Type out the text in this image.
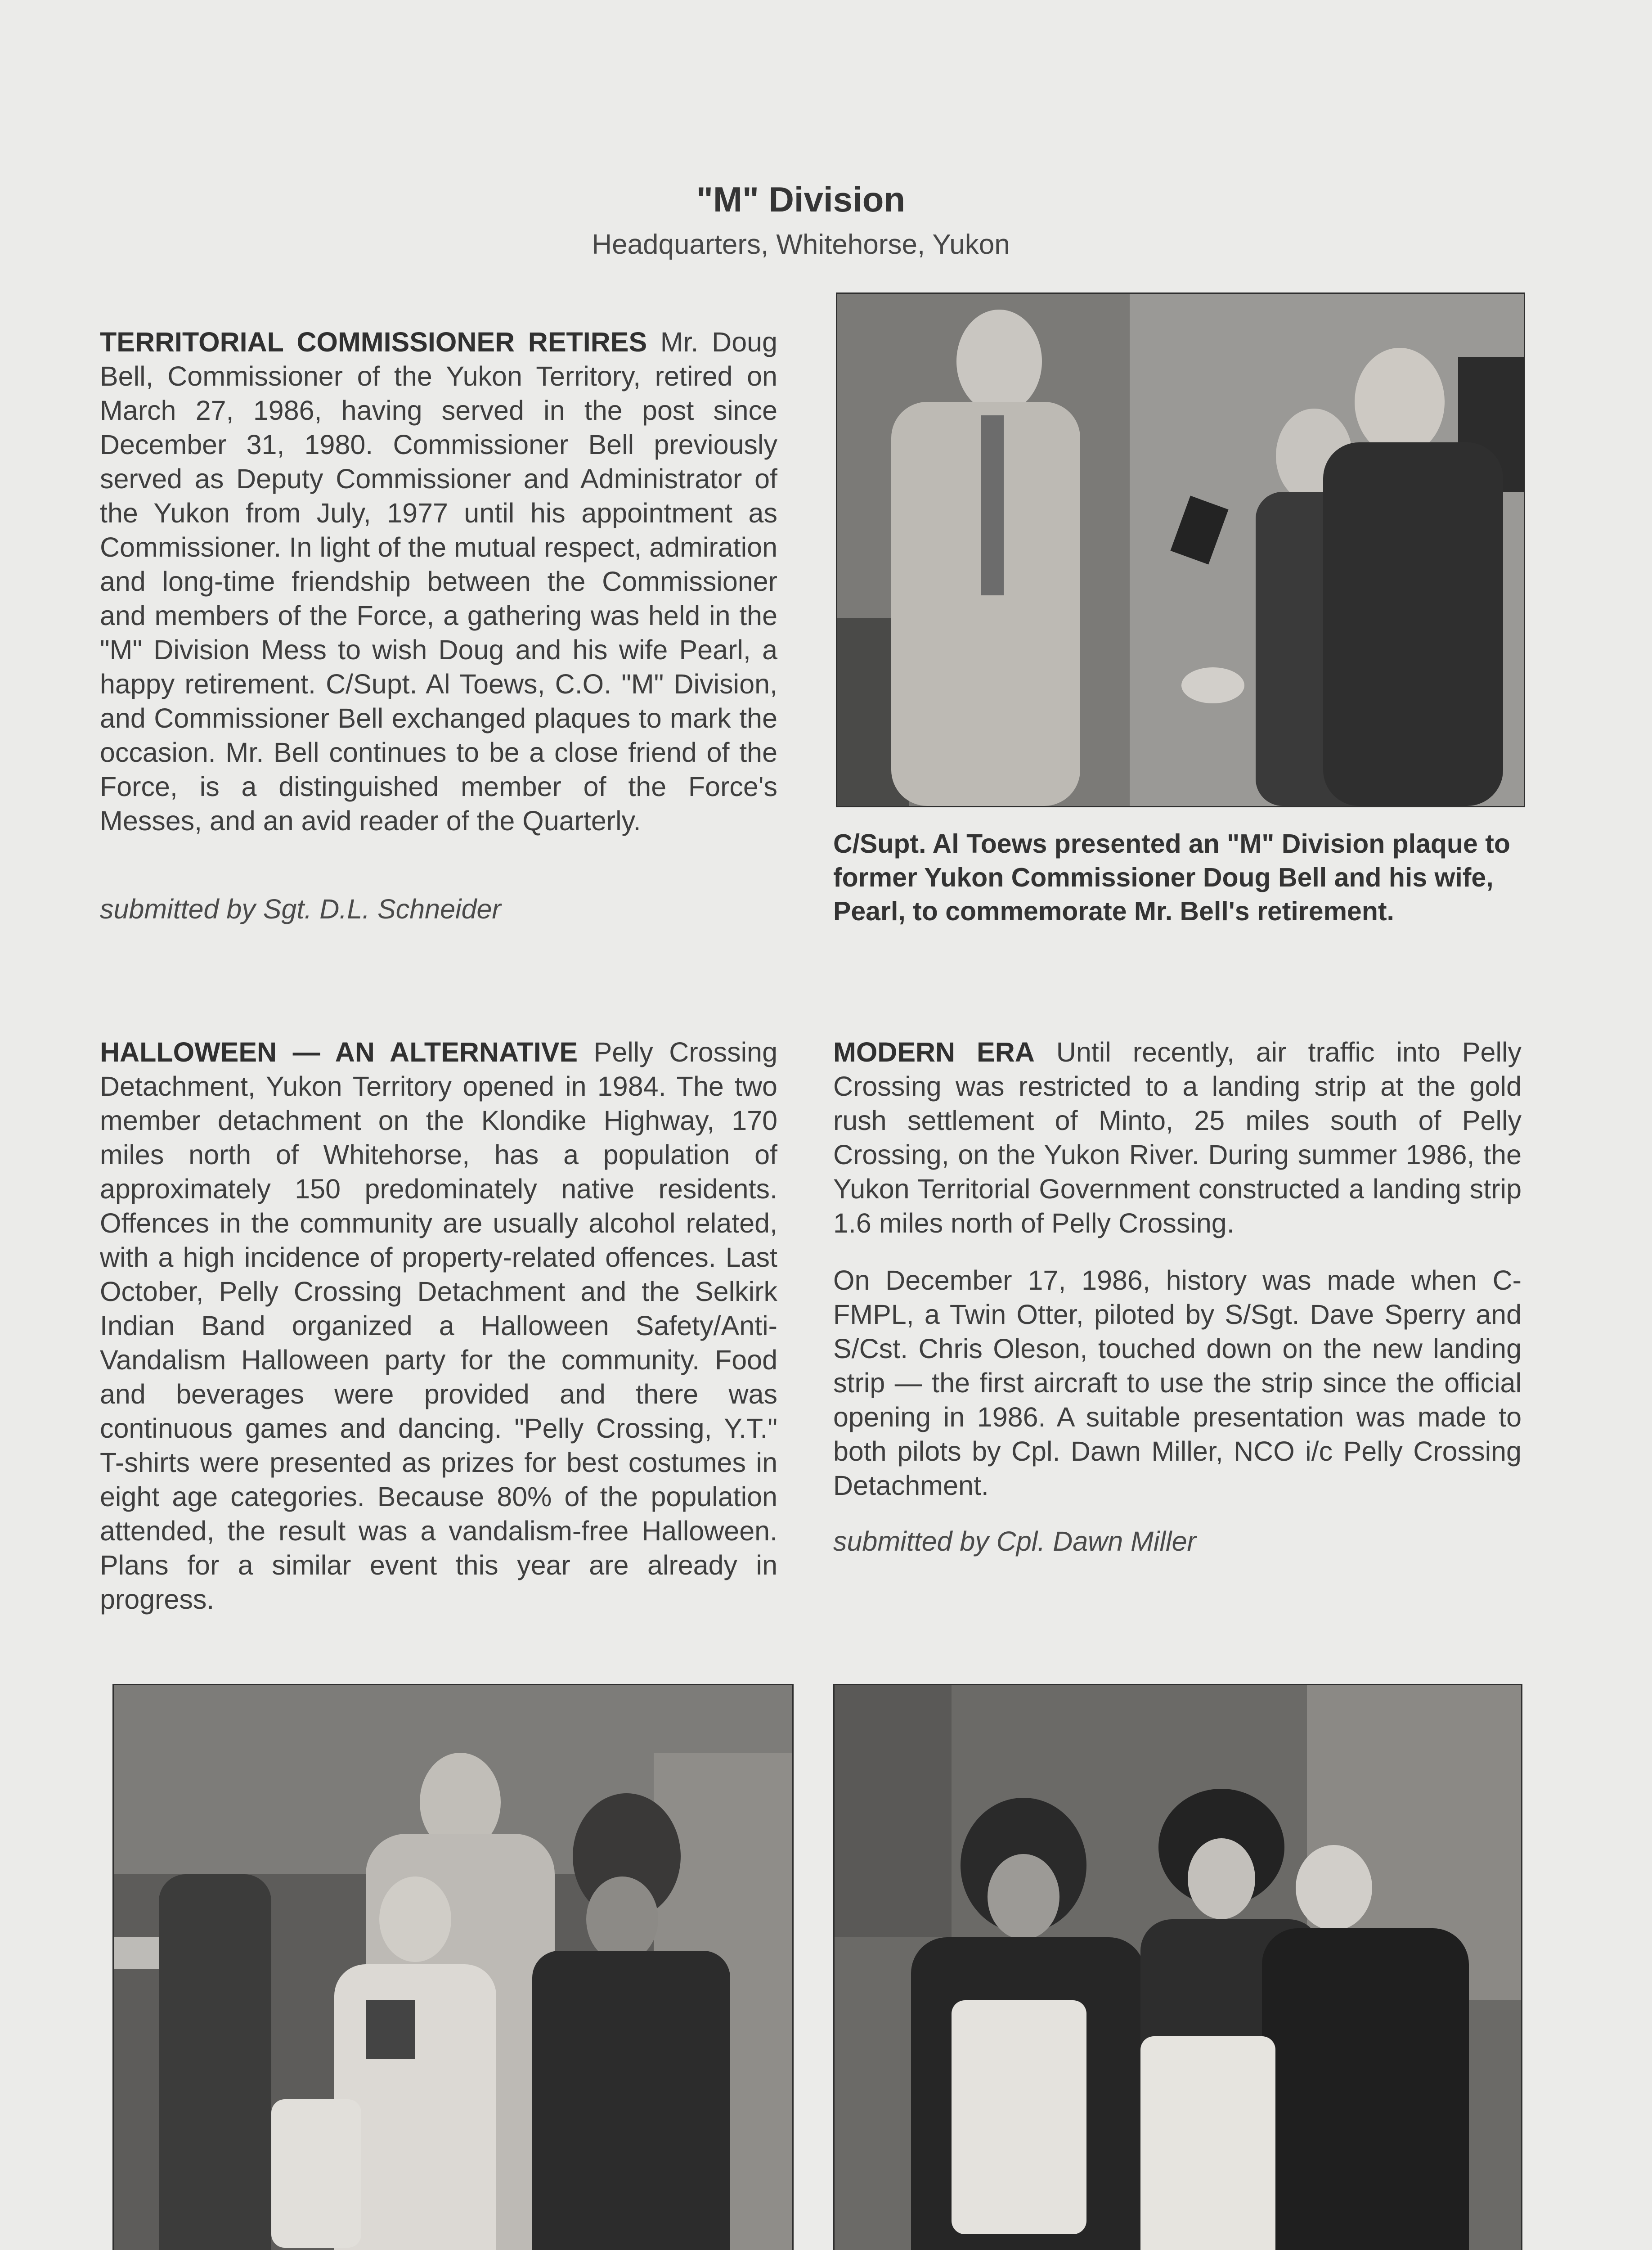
"M" Division
Headquarters, Whitehorse, Yukon

TERRITORIAL COMMISSIONER RETIRES Mr. Doug Bell, Commissioner of the Yukon Territory, retired on March 27, 1986, having served in the post since December 31, 1980. Commissioner Bell previously served as Deputy Commissioner and Administrator of the Yukon from July, 1977 until his appointment as Commissioner. In light of the mutual respect, admiration and long-time friendship between the Commissioner and members of the Force, a gathering was held in the "M" Division Mess to wish Doug and his wife Pearl, a happy retirement. C/Supt. Al Toews, C.O. "M" Division, and Commissioner Bell exchanged plaques to mark the occasion. Mr. Bell continues to be a close friend of the Force, is a distinguished member of the Force's Messes, and an avid reader of the Quarterly.

submitted by Sgt. D.L. Schneider

C/Supt. Al Toews presented an "M" Division plaque to former Yukon Commissioner Doug Bell and his wife, Pearl, to commemorate Mr. Bell's retirement.

HALLOWEEN — AN ALTERNATIVE Pelly Crossing Detachment, Yukon Territory opened in 1984. The two member detachment on the Klondike Highway, 170 miles north of Whitehorse, has a population of approximately 150 predominately native residents. Offences in the community are usually alcohol related, with a high incidence of property-related offences. Last October, Pelly Crossing Detachment and the Selkirk Indian Band organized a Halloween Safety/Anti-Vandalism Halloween party for the community. Food and beverages were provided and there was continuous games and dancing. "Pelly Crossing, Y.T." T-shirts were presented as prizes for best costumes in eight age categories. Because 80% of the population attended, the result was a vandalism-free Halloween. Plans for a similar event this year are already in progress.

MODERN ERA Until recently, air traffic into Pelly Crossing was restricted to a landing strip at the gold rush settlement of Minto, 25 miles south of Pelly Crossing, on the Yukon River. During summer 1986, the Yukon Territorial Government constructed a landing strip 1.6 miles north of Pelly Crossing.

On December 17, 1986, history was made when C-FMPL, a Twin Otter, piloted by S/Sgt. Dave Sperry and S/Cst. Chris Oleson, touched down on the new landing strip — the first aircraft to use the strip since the official opening in 1986. A suitable presentation was made to both pilots by Cpl. Dawn Miller, NCO i/c Pelly Crossing Detachment.

submitted by Cpl. Dawn Miller
